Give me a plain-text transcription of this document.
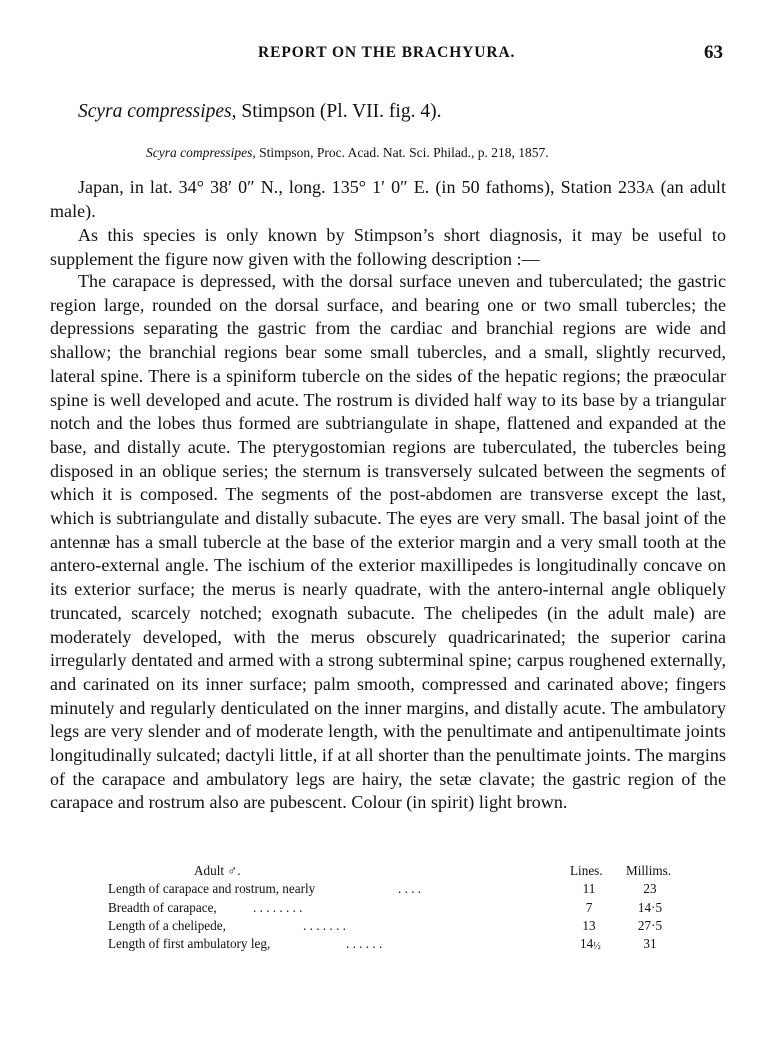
REPORT ON THE BRACHYURA.	63
Scyra compressipes, Stimpson (Pl. VII. fig. 4).
Scyra compressipes, Stimpson, Proc. Acad. Nat. Sci. Philad., p. 218, 1857.

Japan, in lat. 34° 38′ 0″ N., long. 135° 1′ 0″ E. (in 50 fathoms), Station 233a (an adult male).

As this species is only known by Stimpson’s short diagnosis, it may be useful to supplement the figure now given with the following description :—

The carapace is depressed, with the dorsal surface uneven and tuberculated; the gastric region large, rounded on the dorsal surface, and bearing one or two small tubercles; the depressions separating the gastric from the cardiac and branchial regions are wide and shallow; the branchial regions bear some small tubercles, and a small, slightly recurved, lateral spine. There is a spiniform tubercle on the sides of the hepatic regions; the præocular spine is well developed and acute. The rostrum is divided half way to its base by a triangular notch and the lobes thus formed are subtriangulate in shape, flattened and expanded at the base, and distally acute. The pterygostomian regions are tuberculated, the tubercles being disposed in an oblique series; the sternum is transversely sulcated between the segments of which it is composed. The segments of the post-abdomen are transverse except the last, which is subtriangulate and distally subacute. The eyes are very small. The basal joint of the antennæ has a small tubercle at the base of the exterior margin and a very small tooth at the antero-external angle. The ischium of the exterior maxillipedes is longitudinally concave on its exterior surface; the merus is nearly quadrate, with the antero-internal angle obliquely truncated, scarcely notched; exognath subacute. The chelipedes (in the adult male) are moderately developed, with the merus obscurely quadricarinated; the superior carina irregularly dentated and armed with a strong subterminal spine; carpus roughened externally, and carinated on its inner surface; palm smooth, compressed and carinated above; fingers minutely and regularly denticulated on the inner margins, and distally acute. The ambulatory legs are very slender and of moderate length, with the penultimate and antipenultimate joints longitudinally sulcated; dactyli little, if at all shorter than the penultimate joints. The margins of the carapace and ambulatory legs are hairy, the setæ clavate; the gastric region of the carapace and rostrum also are pubescent. Colour (in spirit) light brown.

Adult ♂.	Lines. Millims.
Length of carapace and rostrum, nearly	. . . .	11	23
Breadth of carapace,	. . . . . . . .	7	14·5
Length of a chelipede,	. . . . . . .	13	27·5
Length of first ambulatory leg,	. . . . . .	14½	31
